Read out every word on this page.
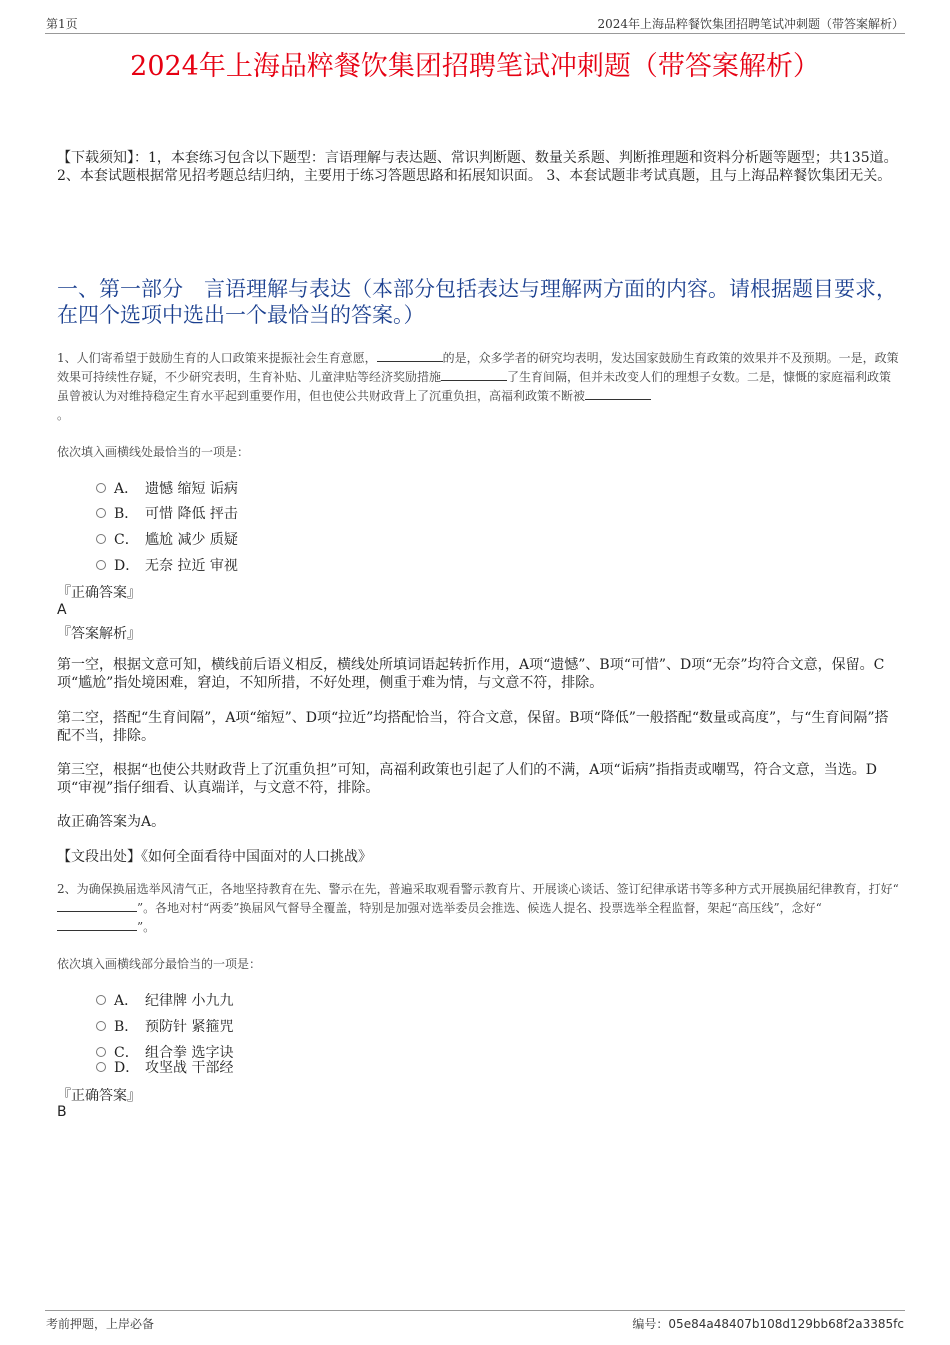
第1页	2024年上海品粹餐饮集团招聘笔试冲刺题（带答案解析）
2024年上海品粹餐饮集团招聘笔试冲刺题（带答案解析）
【下载须知】：1，本套练习包含以下题型：言语理解与表达题、常识判断题、数量关系题、判断推理题和资料分析题等题型；共135道。 2、本套试题根据常见招考题总结归纳，主要用于练习答题思路和拓展知识面。 3、本套试题非考试真题，且与上海品粹餐饮集团无关。
一、第一部分　言语理解与表达（本部分包括表达与理解两方面的内容。请根据题目要求，在四个选项中选出一个最恰当的答案。）
1、人们寄希望于鼓励生育的人口政策来提振社会生育意愿，	的是，众多学者的研究均表明，发达国家鼓励生育政策的效果并不及预期。一是，政策效果可持续性存疑，不少研究表明，生育补贴、儿童津贴等经济奖励措施	了生育间隔，但并未改变人们的理想子女数。二是，慷慨的家庭福利政策虽曾被认为对维持稳定生育水平起到重要作用，但也使公共财政背上了沉重负担，高福利政策不断被
。
依次填入画横线处最恰当的一项是：
A． 遗憾 缩短 诟病
B． 可惜 降低 抨击
C． 尴尬 减少 质疑
D． 无奈 拉近 审视
『正确答案』
A
『答案解析』
第一空，根据文意可知，横线前后语义相反，横线处所填词语起转折作用，A项“遗憾”、B项“可惜”、D项“无奈”均符合文意，保留。C项“尴尬”指处境困难，窘迫，不知所措，不好处理，侧重于难为情，与文意不符，排除。
第二空，搭配“生育间隔”，A项“缩短”、D项“拉近”均搭配恰当，符合文意，保留。B项“降低”一般搭配“数量或高度”，与“生育间隔”搭配不当，排除。
第三空，根据“也使公共财政背上了沉重负担”可知，高福利政策也引起了人们的不满，A项“诟病”指指责或嘲骂，符合文意，当选。D项“审视”指仔细看、认真端详，与文意不符，排除。
故正确答案为A。
【文段出处】《如何全面看待中国面对的人口挑战》
2、为确保换届选举风清气正，各地坚持教育在先、警示在先，普遍采取观看警示教育片、开展谈心谈话、签订纪律承诺书等多种方式开展换届纪律教育，打好“”。各地对村“两委”换届风气督导全覆盖，特别是加强对选举委员会推选、候选人提名、投票选举全程监督，架起“高压线”，念好“”。
依次填入画横线部分最恰当的一项是：
A． 纪律牌 小九九
B． 预防针 紧箍咒
C． 组合拳 选字诀
D． 攻坚战 干部经
『正确答案』
B
考前押题，上岸必备	编号：05e84a48407b108d129bb68f2a3385fc
